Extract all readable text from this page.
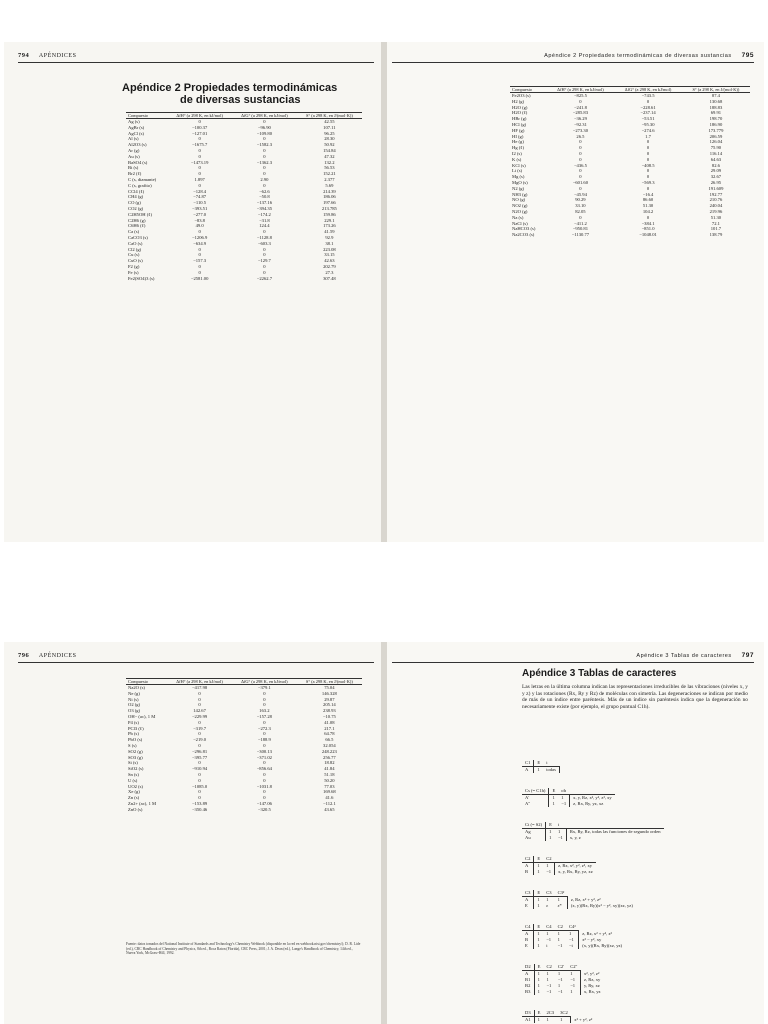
794 APÉNDICES
Apéndice 2 Propiedades termodinámicas
de diversas sustancias
Compuesto	ΔfH° (a 298 K, en kJ/mol)	ΔfG° (a 298 K, en kJ/mol)	S° (a 298 K, en J/(mol·K))
Ag (s)	0	0	42.55
AgBr (s)	−100.37	−96.90	107.11
AgCl (s)	−127.01	−109.80	96.25
Al (s)	0	0	28.30
Al2O3 (s)	−1675.7	−1582.3	50.92
Ar (g)	0	0	154.84
Au (s)	0	0	47.32
BaSO4 (s)	−1473.19	−1362.3	132.2
Bi (s)	0	0	56.53
Br2 (ℓ)	0	0	152.21
C (s, diamante)	1.897	2.90	2.377
C (s, grafito)	0	0	5.69
CCl4 (ℓ)	−128.4	−62.6	214.39
CH4 (g)	−74.87	−50.8	186.06
CO (g)	−110.5	−137.16	197.66
CO2 (g)	−393.51	−394.35	213.785
C2H5OH (ℓ)	−277.0	−174.2	159.86
C2H6 (g)	−83.8	−31.8	229.1
C6H6 (ℓ)	49.0	124.4	173.26
Ca (s)	0	0	41.59
CaCO3 (s)	−1206.9	−1128.8	92.9
CaO (s)	−634.9	−603.3	38.1
Cl2 (g)	0	0	223.08
Cu (s)	0	0	33.15
CuO (s)	−157.3	−129.7	42.63
F2 (g)	0	0	202.79
Fe (s)	0	0	27.3
Fe2(SO4)3 (s)	−2581.00	−2262.7	307.48
Apéndice 2 Propiedades termodinámicas de diversas sustancias 795
Compuesto	ΔfH° (a 298 K, en kJ/mol)	ΔfG° (a 298 K, en kJ/mol)	S° (a 298 K, en J/(mol·K))
Fe2O3 (s)	−825.5	−743.5	87.4
H2 (g)	0	0	130.68
H2O (g)	−241.8	−228.61	188.83
H2O (ℓ)	−285.83	−237.14	69.91
HBr (g)	−36.29	−53.51	198.70
HCl (g)	−92.31	−95.30	186.90
HF (g)	−273.30	−274.6	173.779
HI (g)	26.5	1.7	206.59
He (g)	0	0	126.04
Hg (ℓ)	0	0	75.90
I2 (s)	0	0	116.14
K (s)	0	0	64.63
KCl (s)	−436.5	−408.5	82.6
Li (s)	0	0	29.09
Mg (s)	0	0	32.67
MgO (s)	−601.60	−569.3	26.95
N2 (g)	0	0	191.609
NH3 (g)	−45.94	−16.4	192.77
NO (g)	90.29	86.60	210.76
NO2 (g)	33.10	51.30	240.04
N2O (g)	82.05	104.2	219.96
Na (s)	0	0	51.30
NaCl (s)	−411.2	−384.1	72.1
NaHCO3 (s)	−950.81	−851.0	101.7
Na2CO3 (s)	−1130.77	−1048.01	138.79
796 APÉNDICES
Compuesto	ΔfH° (a 298 K, en kJ/mol)	ΔfG° (a 298 K, en kJ/mol)	S° (a 298 K, en J/(mol·K))
Na2O (s)	−417.98	−379.1	75.04
Ne (g)	0	0	146.328
Ni (s)	0	0	29.87
O2 (g)	0	0	205.14
O3 (g)	142.67	163.2	238.93
OH− (ac), 1 M	−229.99	−157.28	−10.75
P4 (s)	0	0	41.08
PCl3 (ℓ)	−319.7	−272.3	217.1
Pb (s)	0	0	64.78
PbO (s)	−219.0	−188.9	66.5
S (s)	0	0	32.054
SO2 (g)	−296.81	−300.13	248.223
SO3 (g)	−395.77	−371.02	256.77
Si (s)	0	0	18.82
SiO2 (s)	−910.94	−856.64	41.84
Sn (s)	0	0	51.18
U (s)	0	0	50.20
UO2 (s)	−1085.0	−1031.8	77.03
Xe (g)	0	0	169.68
Zn (s)	0	0	41.6
Zn2+ (ac), 1 M	−153.89	−147.06	−112.1
ZnO (s)	−350.46	−320.5	43.65
Fuente: datos tomados del National Institute of Standards and Technology's Chemistry Webbook (disponible en la red en webbook.nist.gov/chemistry/); D. R. Lide (ed.), CRC Handbook of Chemistry and Physics, 8th ed., Boca Raton (Florida), CRC Press, 2001; J. A. Dean (ed.), Lange's Handbook of Chemistry, 14th ed., Nueva York, McGraw-Hill, 1992.
Apéndice 3 Tablas de caracteres 797
Apéndice 3 Tablas de caracteres
Las letras en la última columna indican las representaciones irreducibles de las vibraciones (niveles x, y y z) y las rotaciones (Rx, Ry y Rz) de moléculas con simetría. Las degeneraciones se indican por medio de más de un índice entre paréntesis. Más de un índice sin paréntesis indica que la degeneración no necesariamente existe (por ejemplo, el grupo puntual C1h).
C1	E	i	
A	1	todas	
Cs (= C1h)	E	σh	
A′	1	1	x, y, Rz, x², y², z², xy
A″	1	−1	z, Rx, Ry, yz, xz
Ci (= S2)	E	i	
Ag	1	1	Rx, Ry, Rz, todas las funciones de segundo orden
Au	1	−1	x, y, z
C2	E	C2	
A	1	1	z, Rz, x², y², z², xy
B	1	−1	x, y, Rx, Ry, yz, xz
C3	E	C3	C3²	
A	1	1	1	z, Rz, x² + y², z²
E	1	ε	ε*	(x, y)(Rx, Ry)(x² − y², xy)(xz, yz)
C4	E	C4	C2	C4³	
A	1	1	1	1	z, Rz, x² + y², z²
B	1	−1	1	−1	x² − y², xy
E	1	i	−1	−i	(x, y)(Rx, Ry)(xz, yz)
D2	E	C2	C2′	C2″	
A	1	1	1	1	x², y², z²
B1	1	1	−1	−1	z, Rz, xy
B2	1	−1	1	−1	y, Ry, xz
B3	1	−1	−1	1	x, Rx, yz
D3	E	2C3	3C2	
A1	1	1	1	x² + y², z²
